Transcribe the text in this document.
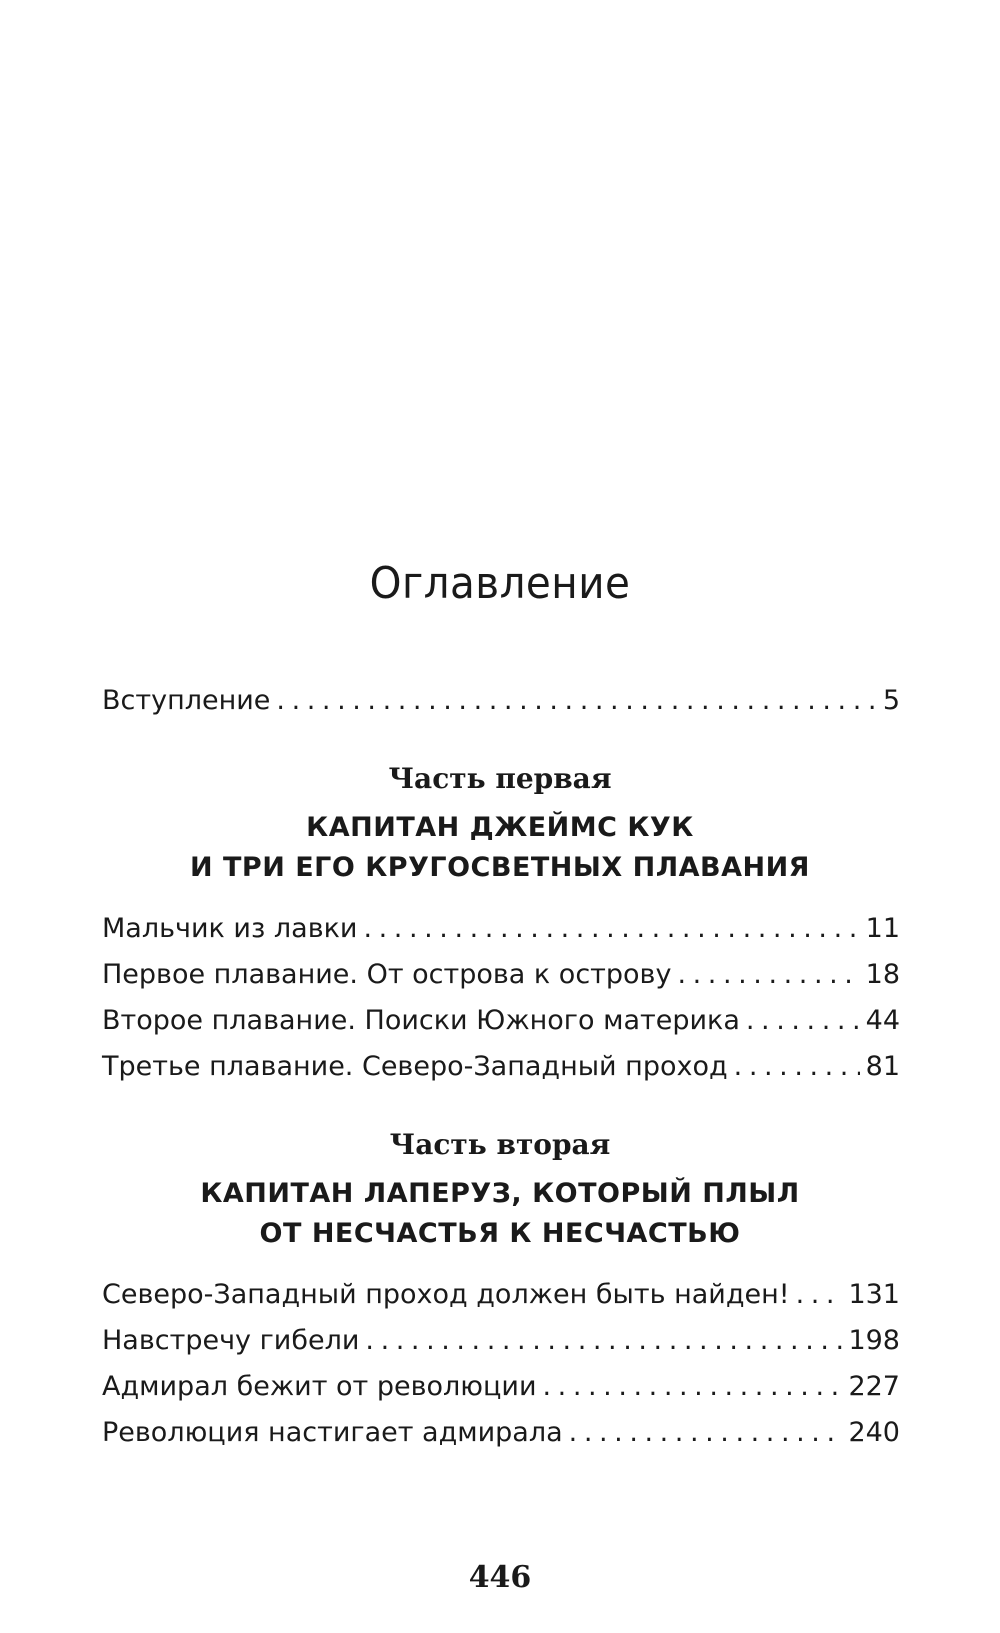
Оглавление
Вступление . . .	5
Часть первая
КАПИТАН ДЖЕЙМС КУК
И ТРИ ЕГО КРУГОСВЕТНЫХ ПЛАВАНИЯ
Мальчик из лавки . . .	11
Первое плавание. От острова к острову . . .	18
Второе плавание. Поиски Южного материка . . .	44
Третье плавание. Северо-Западный проход . . .	81
Часть вторая
КАПИТАН ЛАПЕРУЗ, КОТОРЫЙ ПЛЫЛ
ОТ НЕСЧАСТЬЯ К НЕСЧАСТЬЮ
Северо-Западный проход должен быть найден! . . . 131
Навстречу гибели . . .	198
Адмирал бежит от революции . . .	227
Революция настигает адмирала . . .	240
446
